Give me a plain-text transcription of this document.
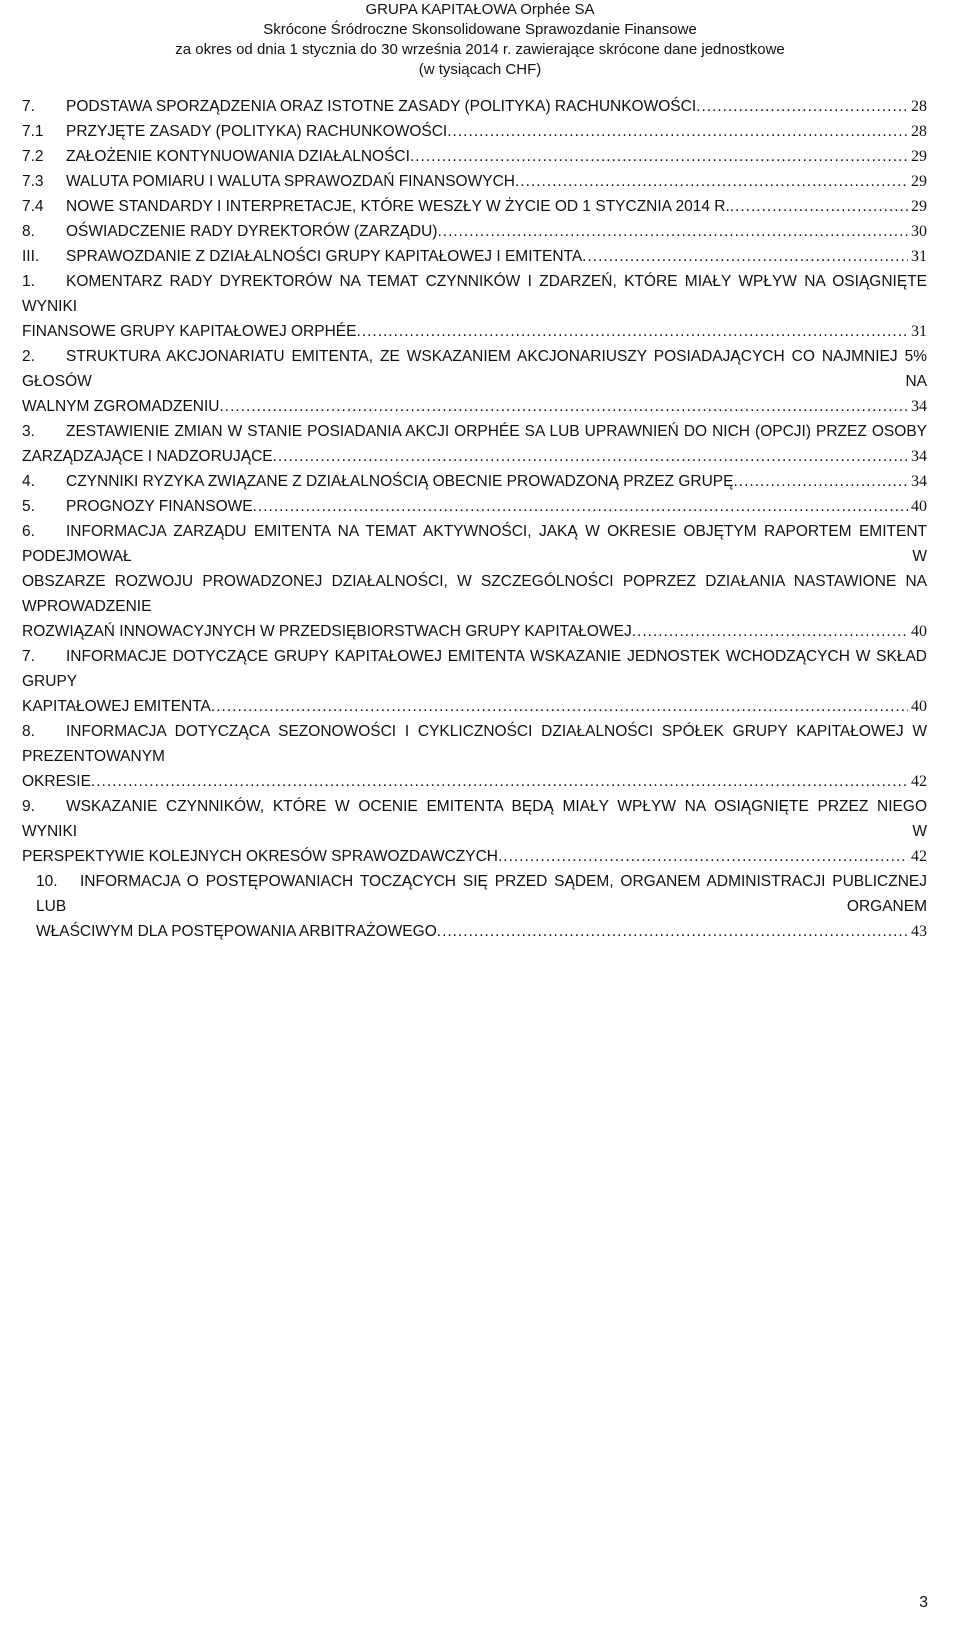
GRUPA KAPITAŁOWA Orphée SA
Skrócone Śródroczne Skonsolidowane Sprawozdanie Finansowe
za okres od dnia 1 stycznia do 30 września 2014 r. zawierające skrócone dane jednostkowe
(w tysiącach CHF)
7.	PODSTAWA SPORZĄDZENIA ORAZ ISTOTNE ZASADY (POLITYKA) RACHUNKOWOŚCI .....	28
7.1	PRZYJĘTE ZASADY (POLITYKA) RACHUNKOWOŚCI .....	28
7.2	ZAŁOŻENIE KONTYNUOWANIA DZIAŁALNOŚCI .....	29
7.3	WALUTA POMIARU I WALUTA SPRAWOZDAŃ FINANSOWYCH .....	29
7.4	NOWE STANDARDY I INTERPRETACJE, KTÓRE WESZŁY W ŻYCIE OD 1 STYCZNIA 2014 R. .....	29
8.	OŚWIADCZENIE RADY DYREKTORÓW (ZARZĄDU) .....	30
III.	SPRAWOZDANIE Z DZIAŁALNOŚCI GRUPY KAPITAŁOWEJ I EMITENTA .....	31
1. KOMENTARZ RADY DYREKTORÓW NA TEMAT CZYNNIKÓW I ZDARZEŃ, KTÓRE MIAŁY WPŁYW NA OSIĄGNIĘTE WYNIKI
FINANSOWE GRUPY KAPITAŁOWEJ ORPHÉE .....	31
2. STRUKTURA AKCJONARIATU EMITENTA, ZE WSKAZANIEM AKCJONARIUSZY POSIADAJĄCYCH CO NAJMNIEJ 5% GŁOSÓW NA
WALNYM ZGROMADZENIU .....	34
3. ZESTAWIENIE ZMIAN W STANIE POSIADANIA AKCJI ORPHÉE SA LUB UPRAWNIEŃ DO NICH (OPCJI) PRZEZ OSOBY
ZARZĄDZAJĄCE I NADZORUJĄCE .....	34
4.	CZYNNIKI RYZYKA ZWIĄZANE Z DZIAŁALNOŚCIĄ OBECNIE PROWADZONĄ PRZEZ GRUPĘ .....	34
5.	PROGNOZY FINANSOWE .....	40
6. INFORMACJA ZARZĄDU EMITENTA NA TEMAT AKTYWNOŚCI, JAKĄ W OKRESIE OBJĘTYM RAPORTEM EMITENT PODEJMOWAŁ W
OBSZARZE ROZWOJU PROWADZONEJ DZIAŁALNOŚCI, W SZCZEGÓLNOŚCI POPRZEZ DZIAŁANIA NASTAWIONE NA WPROWADZENIE
ROZWIĄZAŃ INNOWACYJNYCH W PRZEDSIĘBIORSTWACH GRUPY KAPITAŁOWEJ .....	40
7. INFORMACJE DOTYCZĄCE GRUPY KAPITAŁOWEJ EMITENTA WSKAZANIE JEDNOSTEK WCHODZĄCYCH W SKŁAD GRUPY
KAPITAŁOWEJ EMITENTA .....	40
8. INFORMACJA DOTYCZĄCA SEZONOWOŚCI I CYKLICZNOŚCI DZIAŁALNOŚCI SPÓŁEK GRUPY KAPITAŁOWEJ W PREZENTOWANYM
OKRESIE .....	42
9. WSKAZANIE CZYNNIKÓW, KTÓRE W OCENIE EMITENTA BĘDĄ MIAŁY WPŁYW NA OSIĄGNIĘTE PRZEZ NIEGO WYNIKI W
PERSPEKTYWIE KOLEJNYCH OKRESÓW SPRAWOZDAWCZYCH .....	42
10. INFORMACJA O POSTĘPOWANIACH TOCZĄCYCH SIĘ PRZED SĄDEM, ORGANEM ADMINISTRACJI PUBLICZNEJ LUB ORGANEM
WŁAŚCIWYM DLA POSTĘPOWANIA ARBITRAŻOWEGO .....	43
3
